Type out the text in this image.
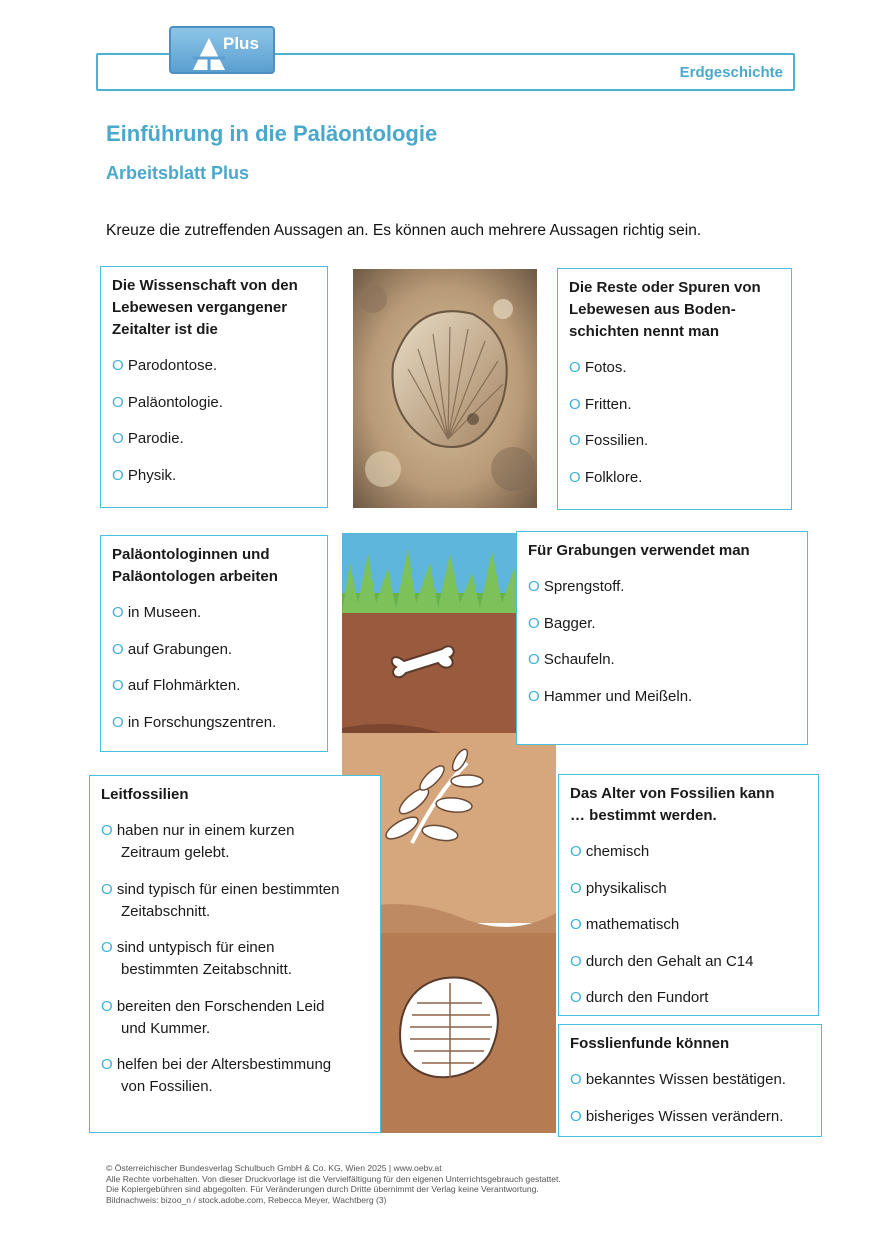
Erdgeschichte
Plus
Einführung in die Paläontologie
Arbeitsblatt Plus
Kreuze die zutreffenden Aussagen an. Es können auch mehrere Aussagen richtig sein.
Die Wissenschaft von den
Lebewesen vergangener
Zeitalter ist die
O Parodontose.
O Paläontologie.
O Parodie.
O Physik.
Die Reste oder Spuren von
Lebewesen aus Boden-
schichten nennt man
O Fotos.
O Fritten.
O Fossilien.
O Folklore.
Paläontologinnen und
Paläontologen arbeiten
O in Museen.
O auf Grabungen.
O auf Flohmärkten.
O in Forschungszentren.
Für Grabungen verwendet man
O Sprengstoff.
O Bagger.
O Schaufeln.
O Hammer und Meißeln.
Leitfossilien
O haben nur in einem kurzen
Zeitraum gelebt.
O sind typisch für einen bestimmten
Zeitabschnitt.
O sind untypisch für einen
bestimmten Zeitabschnitt.
O bereiten den Forschenden Leid
und Kummer.
O helfen bei der Altersbestimmung
von Fossilien.
Das Alter von Fossilien kann
… bestimmt werden.
O chemisch
O physikalisch
O mathematisch
O durch den Gehalt an C14
O durch den Fundort
Fosslienfunde können
O bekanntes Wissen bestätigen.
O bisheriges Wissen verändern.
© Österreichischer Bundesverlag Schulbuch GmbH & Co. KG, Wien 2025 | www.oebv.at
Alle Rechte vorbehalten. Von dieser Druckvorlage ist die Vervielfältigung für den eigenen Unterrichtsgebrauch gestattet.
Die Kopiergebühren sind abgegolten. Für Veränderungen durch Dritte übernimmt der Verlag keine Verantwortung.
Bildnachweis: bizoo_n / stock.adobe.com, Rebecca Meyer, Wachtberg (3)
